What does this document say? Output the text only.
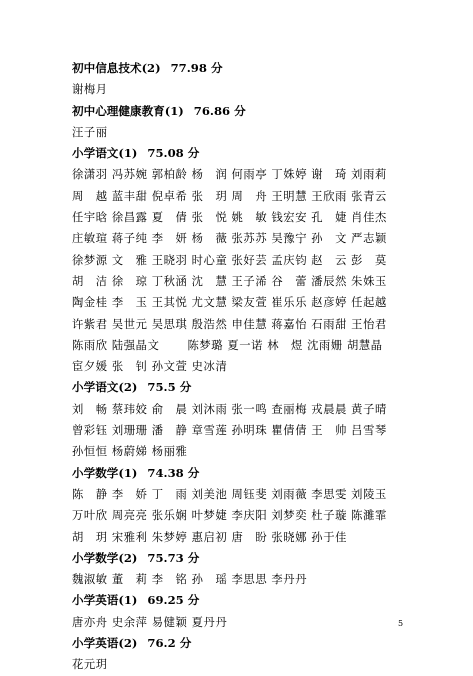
初中信息技术(2) 77.98 分
谢梅月
初中心理健康教育(1) 76.86 分
汪子丽
小学语文(1) 75.08 分
徐潇羽 冯苏婉 郭柏龄 杨　润 何雨亭 丁姝婷 谢　琦 刘雨莉
周　越 蓝丰甜 倪卓希 张　玥 周　舟 王明慧 王欣雨 张青云
任宇晗 徐昌露 夏　倩 张　悦 姚　敏 钱宏安 孔　婕 肖佳杰
庄敏瑄 蒋子纯 李　妍 杨　薇 张苏苏 吴豫宁 孙　文 严志颖
徐梦源 文　雅 王晓羽 时心童 张好芸 孟庆钧 赵　云 彭　莫
胡　洁 徐　琼 丁秋涵 沈　慧 王子浠 谷　蕾 潘辰然 朱姝玉
陶金桂 李　玉 王其悦 尤文慧 梁友萱 崔乐乐 赵彦婷 任起越
许紫君 吴世元 吴思琪 殷浩然 申佳慧 蒋嘉怡 石雨甜 王怡君
陈雨欣 陆强晶文　　 陈梦璐 夏一诺 林　煜 沈雨姗 胡慧晶
宦夕媛 张　钊 孙文萱 史冰清
小学语文(2) 75.5 分
刘　畅 蔡玮姣 俞　晨 刘沐雨 张一鸣 查丽梅 戎晨晨 黄子晴
曾彩钰 刘珊珊 潘　静 章雪莲 孙明珠 瞿倩倩 王　帅 吕雪琴
孙恒恒 杨蔚娣 杨丽雅
小学数学(1) 74.38 分
陈　静 李　娇 丁　雨 刘美池 周钰斐 刘雨薇 李思雯 刘陵玉
万叶欣 周亮亮 张乐娴 叶梦婕 李庆阳 刘梦奕 杜子璇 陈濉霏
胡　玥 宋雅利 朱梦婷 惠启初 唐　盼 张晓娜 孙于佳
小学数学(2) 75.73 分
魏淑敏 董　莉 李　铭 孙　瑶 李思思 李丹丹
小学英语(1) 69.25 分
唐亦舟 史余萍 易健颖 夏丹丹
小学英语(2) 76.2 分
花元玥
5
